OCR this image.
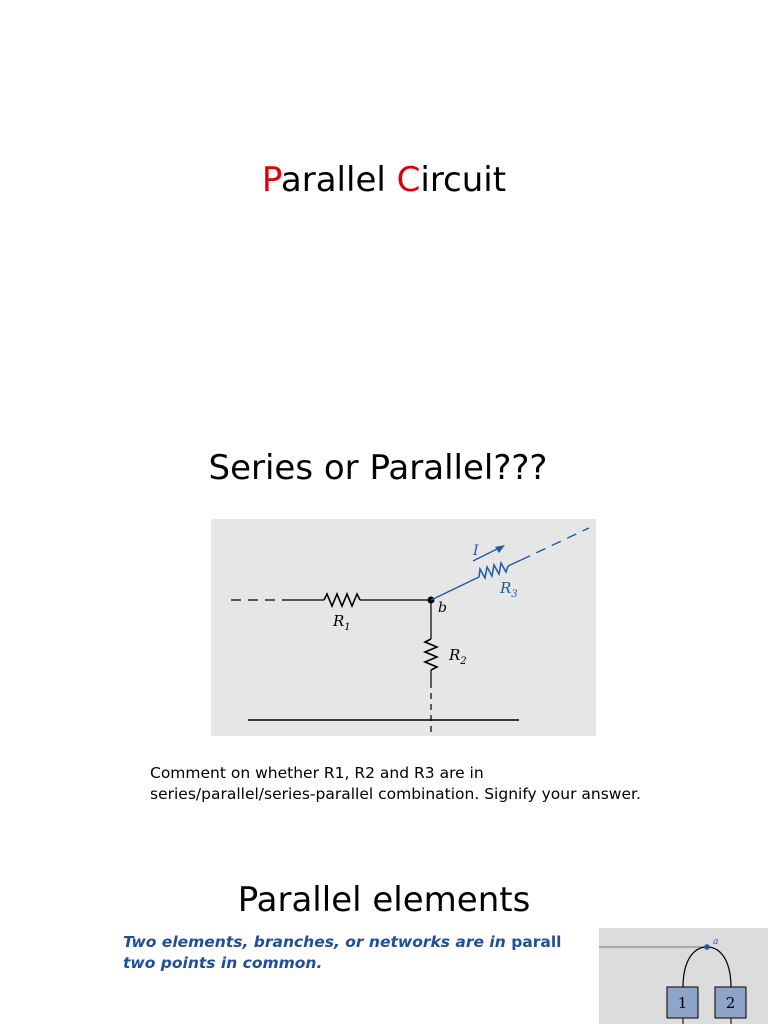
Parallel Circuit
Series or Parallel???
$R_1$
$R_2$
$R_3$
b
I
Comment on whether R1, R2 and R3 are in series/parallel/series-parallel combination. Signify your answer.
Parallel elements
Two elements, branches, or networks are in parall
two points in common.
a
1	2
